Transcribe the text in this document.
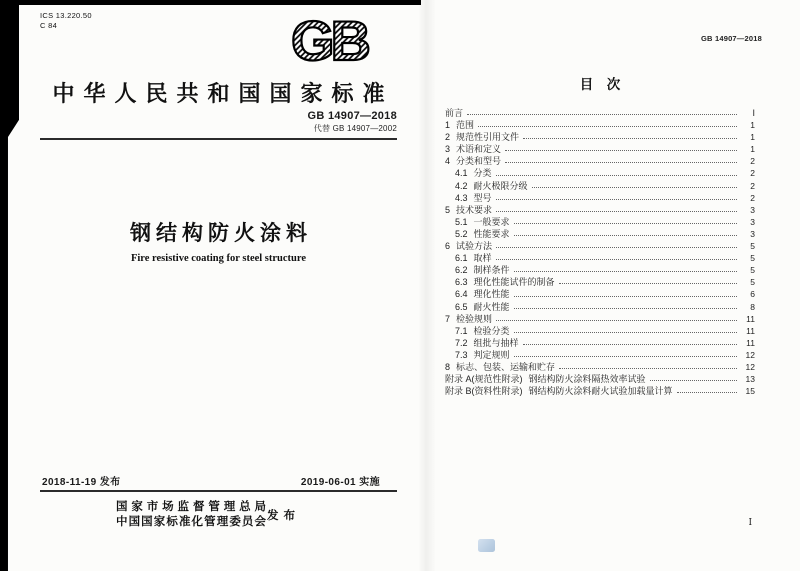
ICS 13.220.50
C 84	GB
中华人民共和国国家标准
GB 14907—2018
代替 GB 14907—2002
钢结构防火涂料
Fire resistive coating for steel structure
2018-11-19 发布	2019-06-01 实施
国家市场监督管理总局
中国国家标准化管理委员会 发布
GB 14907—2018
目　次
前言	Ⅰ
1 范围	1
2 规范性引用文件	1
3 术语和定义	1
4 分类和型号	2
4.1 分类	2
4.2 耐火极限分级	2
4.3 型号	2
5 技术要求	3
5.1 一般要求	3
5.2 性能要求	3
6 试验方法	5
6.1 取样	5
6.2 制样条件	5
6.3 理化性能试件的制备	5
6.4 理化性能	6
6.5 耐火性能	8
7 检验规则	11
7.1 检验分类	11
7.2 组批与抽样	11
7.3 判定规则	12
8 标志、包装、运输和贮存	12
附录 A(规范性附录) 钢结构防火涂料隔热效率试验	13
附录 B(资料性附录) 钢结构防火涂料耐火试验加载量计算	15
Ⅰ
